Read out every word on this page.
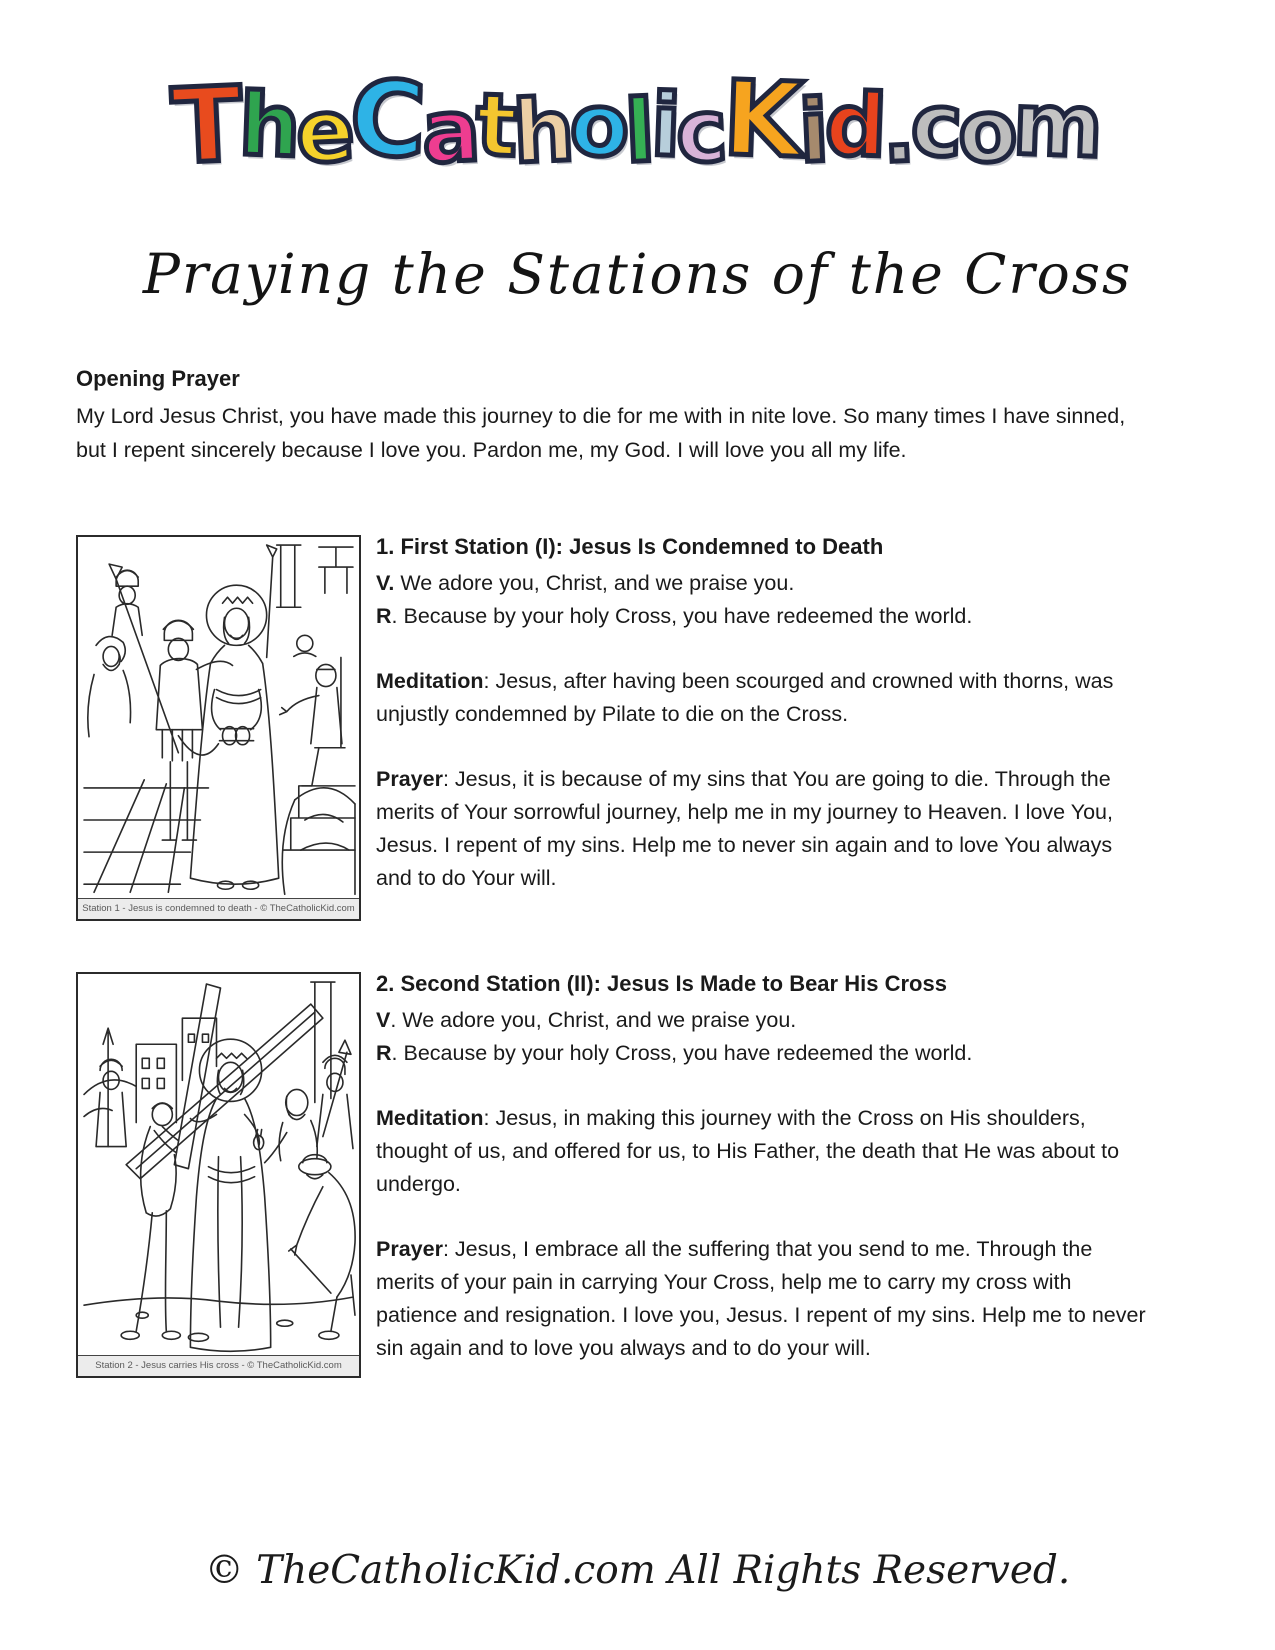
TheCatholicKid.com
Praying the Stations of the Cross
Opening Prayer

My Lord Jesus Christ, you have made this journey to die for me with in nite love. So many times I have sinned, but I repent sincerely because I love you. Pardon me, my God. I will love you all my life.

Station 1 - Jesus is condemned to death - © TheCatholicKid.com
1. First Station (I): Jesus Is Condemned to Death

V. We adore you, Christ, and we praise you.

R. Because by your holy Cross, you have redeemed the world.

Meditation: Jesus, after having been scourged and crowned with thorns, was unjustly condemned by Pilate to die on the Cross.

Prayer: Jesus, it is because of my sins that You are going to die. Through the merits of Your sorrowful journey, help me in my journey to Heaven. I love You, Jesus. I repent of my sins. Help me to never sin again and to love You always and to do Your will.

Station 2 - Jesus carries His cross - © TheCatholicKid.com
2. Second Station (II): Jesus Is Made to Bear His Cross

V. We adore you, Christ, and we praise you.

R. Because by your holy Cross, you have redeemed the world.

Meditation: Jesus, in making this journey with the Cross on His shoulders, thought of us, and offered for us, to His Father, the death that He was about to undergo.

Prayer: Jesus, I embrace all the suffering that you send to me. Through the merits of your pain in carrying Your Cross, help me to carry my cross with patience and resignation. I love you, Jesus. I repent of my sins. Help me to never sin again and to love you always and to do your will.

© TheCatholicKid.com All Rights Reserved.
